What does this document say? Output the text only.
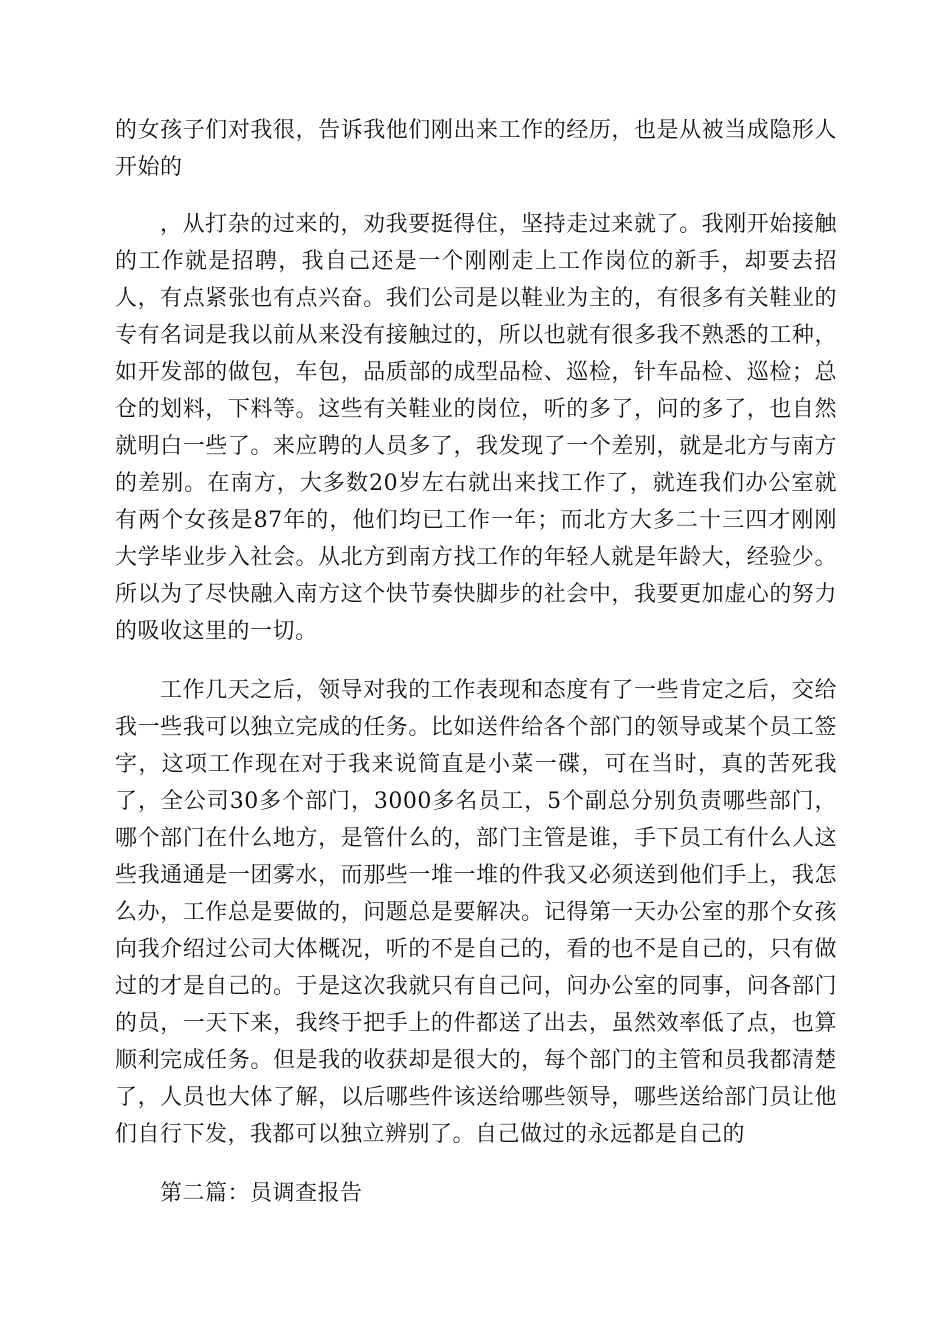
的女孩子们对我很，告诉我他们刚出来工作的经历，也是从被当成隐形人开始的

，从打杂的过来的，劝我要挺得住，坚持走过来就了。我刚开始接触的工作就是招聘，我自己还是一个刚刚走上工作岗位的新手，却要去招人，有点紧张也有点兴奋。我们公司是以鞋业为主的，有很多有关鞋业的专有名词是我以前从来没有接触过的，所以也就有很多我不熟悉的工种，如开发部的做包，车包，品质部的成型品检、巡检，针车品检、巡检；总仓的划料，下料等。这些有关鞋业的岗位，听的多了，问的多了，也自然就明白一些了。来应聘的人员多了，我发现了一个差别，就是北方与南方的差别。在南方，大多数20岁左右就出来找工作了，就连我们办公室就有两个女孩是87年的，他们均已工作一年；而北方大多二十三四才刚刚大学毕业步入社会。从北方到南方找工作的年轻人就是年龄大，经验少。所以为了尽快融入南方这个快节奏快脚步的社会中，我要更加虚心的努力的吸收这里的一切。

工作几天之后，领导对我的工作表现和态度有了一些肯定之后，交给我一些我可以独立完成的任务。比如送件给各个部门的领导或某个员工签字，这项工作现在对于我来说简直是小菜一碟，可在当时，真的苦死我了，全公司30多个部门，3000多名员工，5个副总分别负责哪些部门，哪个部门在什么地方，是管什么的，部门主管是谁，手下员工有什么人这些我通通是一团雾水，而那些一堆一堆的件我又必须送到他们手上，我怎么办，工作总是要做的，问题总是要解决。记得第一天办公室的那个女孩向我介绍过公司大体概况，听的不是自己的，看的也不是自己的，只有做过的才是自己的。于是这次我就只有自己问，问办公室的同事，问各部门的员，一天下来，我终于把手上的件都送了出去，虽然效率低了点，也算顺利完成任务。但是我的收获却是很大的，每个部门的主管和员我都清楚了，人员也大体了解，以后哪些件该送给哪些领导，哪些送给部门员让他们自行下发，我都可以独立辨别了。自己做过的永远都是自己的

第二篇：员调查报告
